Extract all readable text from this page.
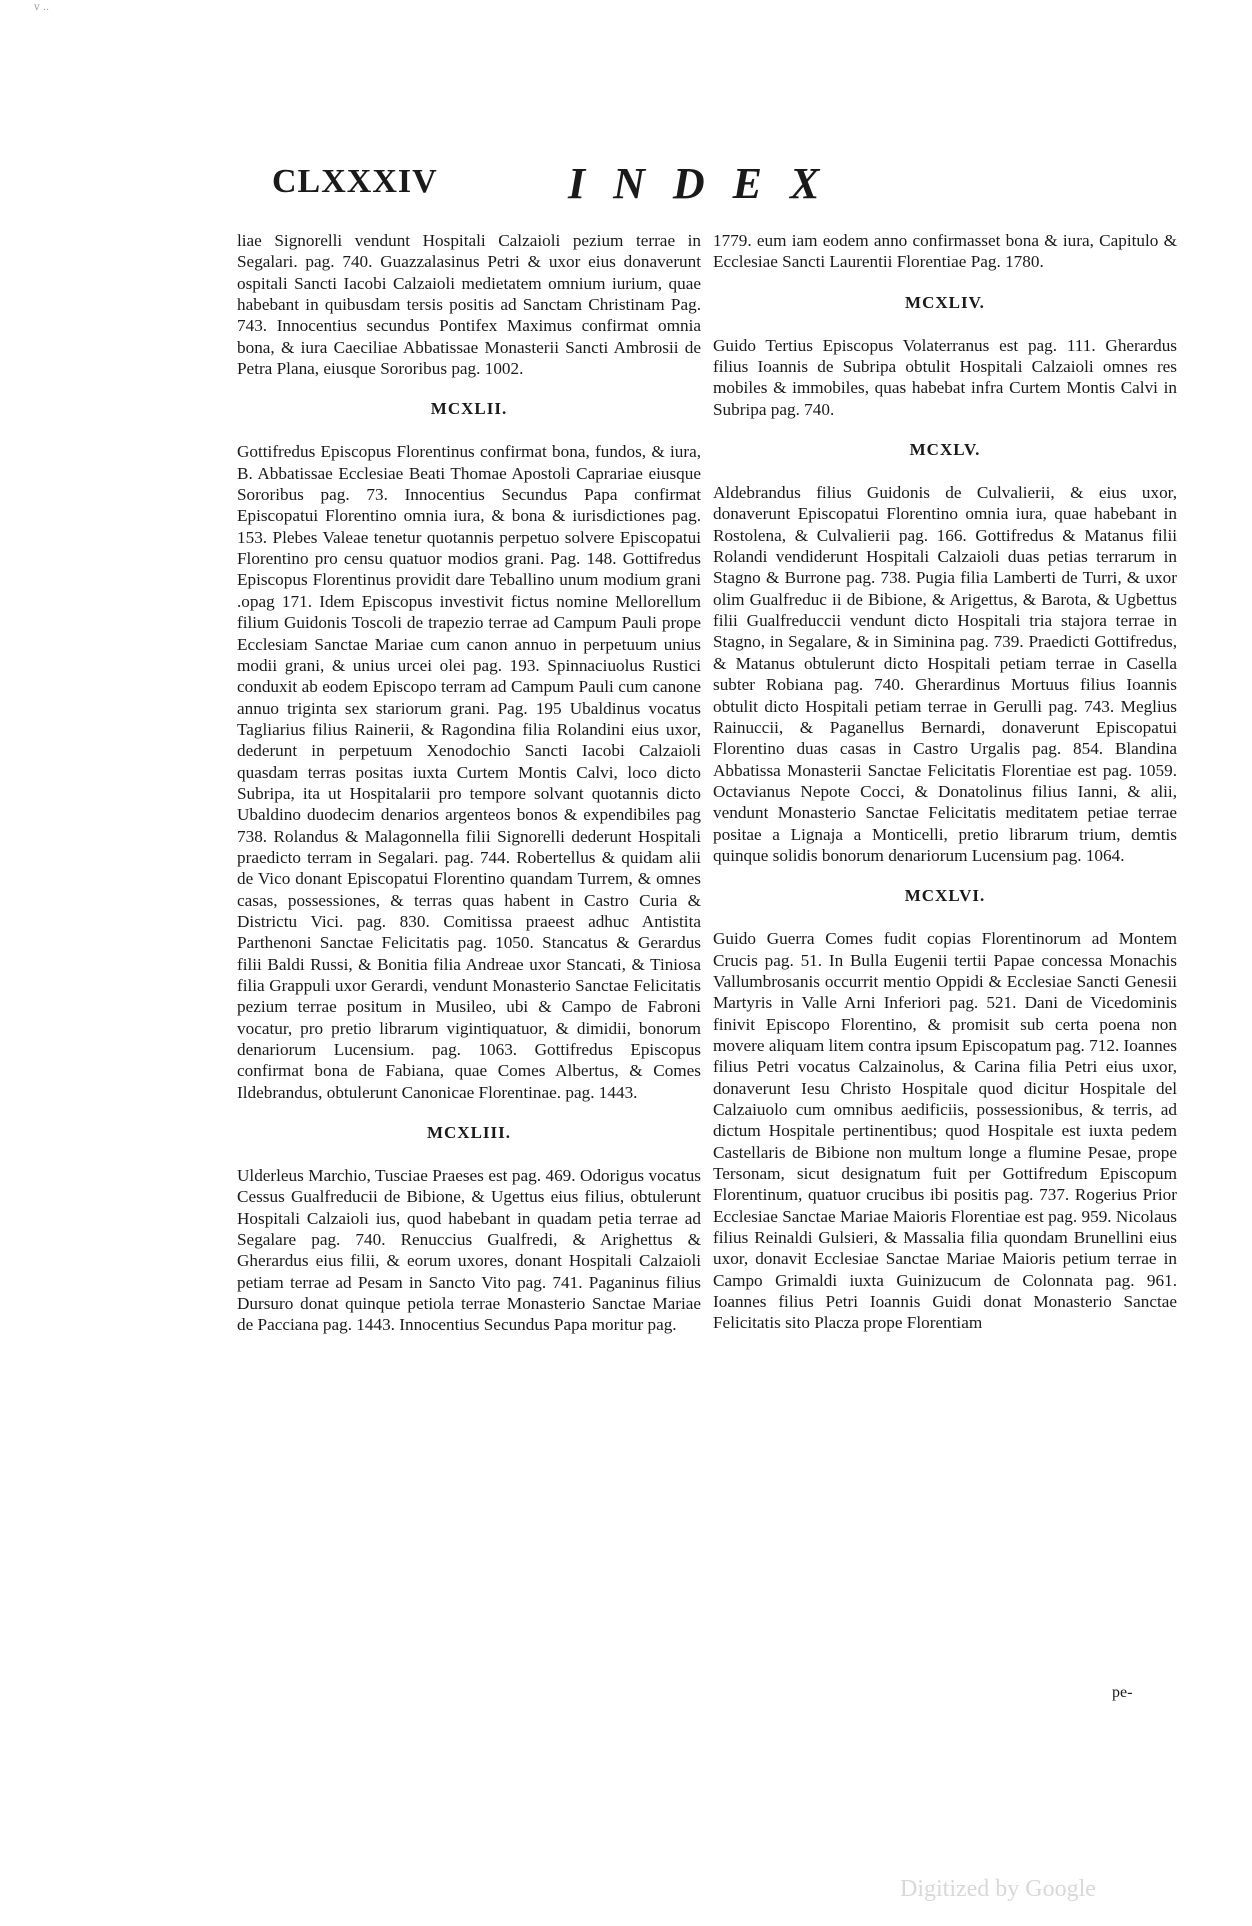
v ..
CLXXXIV	INDEX

liae Signorelli vendunt Hospitali Calzaioli pezium terrae in Segalari. pag. 740. Guazzalasinus Petri & uxor eius donaverunt ospitali Sancti Iacobi Calzaioli medietatem omnium iurium, quae habebant in quibusdam tersis positis ad Sanctam Christinam Pag. 743. Innocentius secundus Pontifex Maximus confirmat omnia bona, & iura Caeciliae Abbatissae Monasterii Sancti Ambrosii de Petra Plana, eiusque Sororibus pag. 1002.

MCXLII.

Gottifredus Episcopus Florentinus confirmat bona, fundos, & iura, B. Abbatissae Ecclesiae Beati Thomae Apostoli Caprariae eiusque Sororibus pag. 73. Innocentius Secundus Papa confirmat Episcopatui Florentino omnia iura, & bona & iurisdictiones pag. 153. Plebes Valeae tenetur quotannis perpetuo solvere Episcopatui Florentino pro censu quatuor modios grani. Pag. 148. Gottifredus Episcopus Florentinus providit dare Teballino unum modium grani .opag 171. Idem Episcopus investivit fictus nomine Mellorellum filium Guidonis Toscoli de trapezio terrae ad Campum Pauli prope Ecclesiam Sanctae Mariae cum canon annuo in perpetuum unius modii grani, & unius urcei olei pag. 193. Spinnaciuolus Rustici conduxit ab eodem Episcopo terram ad Campum Pauli cum canone annuo triginta sex stariorum grani. Pag. 195 Ubaldinus vocatus Tagliarius filius Rainerii, & Ragondina filia Rolandini eius uxor, dederunt in perpetuum Xenodochio Sancti Iacobi Calzaioli quasdam terras positas iuxta Curtem Montis Calvi, loco dicto Subripa, ita ut Hospitalarii pro tempore solvant quotannis dicto Ubaldino duodecim denarios argenteos bonos & expendibiles pag 738. Rolandus & Malagonnella filii Signorelli dederunt Hospitali praedicto terram in Segalari. pag. 744. Robertellus & quidam alii de Vico donant Episcopatui Florentino quandam Turrem, & omnes casas, possessiones, & terras quas habent in Castro Curia & Districtu Vici. pag. 830. Comitissa praeest adhuc Antistita Parthenoni Sanctae Felicitatis pag. 1050. Stancatus & Gerardus filii Baldi Russi, & Bonitia filia Andreae uxor Stancati, & Tiniosa filia Grappuli uxor Gerardi, vendunt Monasterio Sanctae Felicitatis pezium terrae positum in Musileo, ubi & Campo de Fabroni vocatur, pro pretio librarum vigintiquatuor, & dimidii, bonorum denariorum Lucensium. pag. 1063. Gottifredus Episcopus confirmat bona de Fabiana, quae Comes Albertus, & Comes Ildebrandus, obtulerunt Canonicae Florentinae. pag. 1443.

MCXLIII.

Ulderleus Marchio, Tusciae Praeses est pag. 469. Odorigus vocatus Cessus Gualfreducii de Bibione, & Ugettus eius filius, obtulerunt Hospitali Calzaioli ius, quod habebant in quadam petia terrae ad Segalare pag. 740. Renuccius Gualfredi, & Arighettus & Gherardus eius filii, & eorum uxores, donant Hospitali Calzaioli petiam terrae ad Pesam in Sancto Vito pag. 741. Paganinus filius Dursuro donat quinque petiola terrae Monasterio Sanctae Mariae de Pacciana pag. 1443. Innocentius Secundus Papa moritur pag.

1779. eum iam eodem anno confirmasset bona & iura, Capitulo & Ecclesiae Sancti Laurentii Florentiae Pag. 1780.

MCXLIV.

Guido Tertius Episcopus Volaterranus est pag. 111. Gherardus filius Ioannis de Subripa obtulit Hospitali Calzaioli omnes res mobiles & immobiles, quas habebat infra Curtem Montis Calvi in Subripa pag. 740.

MCXLV.

Aldebrandus filius Guidonis de Culvalierii, & eius uxor, donaverunt Episcopatui Florentino omnia iura, quae habebant in Rostolena, & Culvalierii pag. 166. Gottifredus & Matanus filii Rolandi vendiderunt Hospitali Calzaioli duas petias terrarum in Stagno & Burrone pag. 738. Pugia filia Lamberti de Turri, & uxor olim Gualfreduc ii de Bibione, & Arigettus, & Barota, & Ugbettus filii Gualfreduccii vendunt dicto Hospitali tria stajora terrae in Stagno, in Segalare, & in Siminina pag. 739. Praedicti Gottifredus, & Matanus obtulerunt dicto Hospitali petiam terrae in Casella subter Robiana pag. 740. Gherardinus Mortuus filius Ioannis obtulit dicto Hospitali petiam terrae in Gerulli pag. 743. Meglius Rainuccii, & Paganellus Bernardi, donaverunt Episcopatui Florentino duas casas in Castro Urgalis pag. 854. Blandina Abbatissa Monasterii Sanctae Felicitatis Florentiae est pag. 1059. Octavianus Nepote Cocci, & Donatolinus filius Ianni, & alii, vendunt Monasterio Sanctae Felicitatis meditatem petiae terrae positae a Lignaja a Monticelli, pretio librarum trium, demtis quinque solidis bonorum denariorum Lucensium pag. 1064.

MCXLVI.

Guido Guerra Comes fudit copias Florentinorum ad Montem Crucis pag. 51. In Bulla Eugenii tertii Papae concessa Monachis Vallumbrosanis occurrit mentio Oppidi & Ecclesiae Sancti Genesii Martyris in Valle Arni Inferiori pag. 521. Dani de Vicedominis finivit Episcopo Florentino, & promisit sub certa poena non movere aliquam litem contra ipsum Episcopatum pag. 712. Ioannes filius Petri vocatus Calzainolus, & Carina filia Petri eius uxor, donaverunt Iesu Christo Hospitale quod dicitur Hospitale del Calzaiuolo cum omnibus aedificiis, possessionibus, & terris, ad dictum Hospitale pertinentibus; quod Hospitale est iuxta pedem Castellaris de Bibione non multum longe a flumine Pesae, prope Tersonam, sicut designatum fuit per Gottifredum Episcopum Florentinum, quatuor crucibus ibi positis pag. 737. Rogerius Prior Ecclesiae Sanctae Mariae Maioris Florentiae est pag. 959. Nicolaus filius Reinaldi Gulsieri, & Massalia filia quondam Brunellini eius uxor, donavit Ecclesiae Sanctae Mariae Maioris petium terrae in Campo Grimaldi iuxta Guinizucum de Colonnata pag. 961. Ioannes filius Petri Ioannis Guidi donat Monasterio Sanctae Felicitatis sito Placza prope Florentiam

pe-
Digitized by Google
